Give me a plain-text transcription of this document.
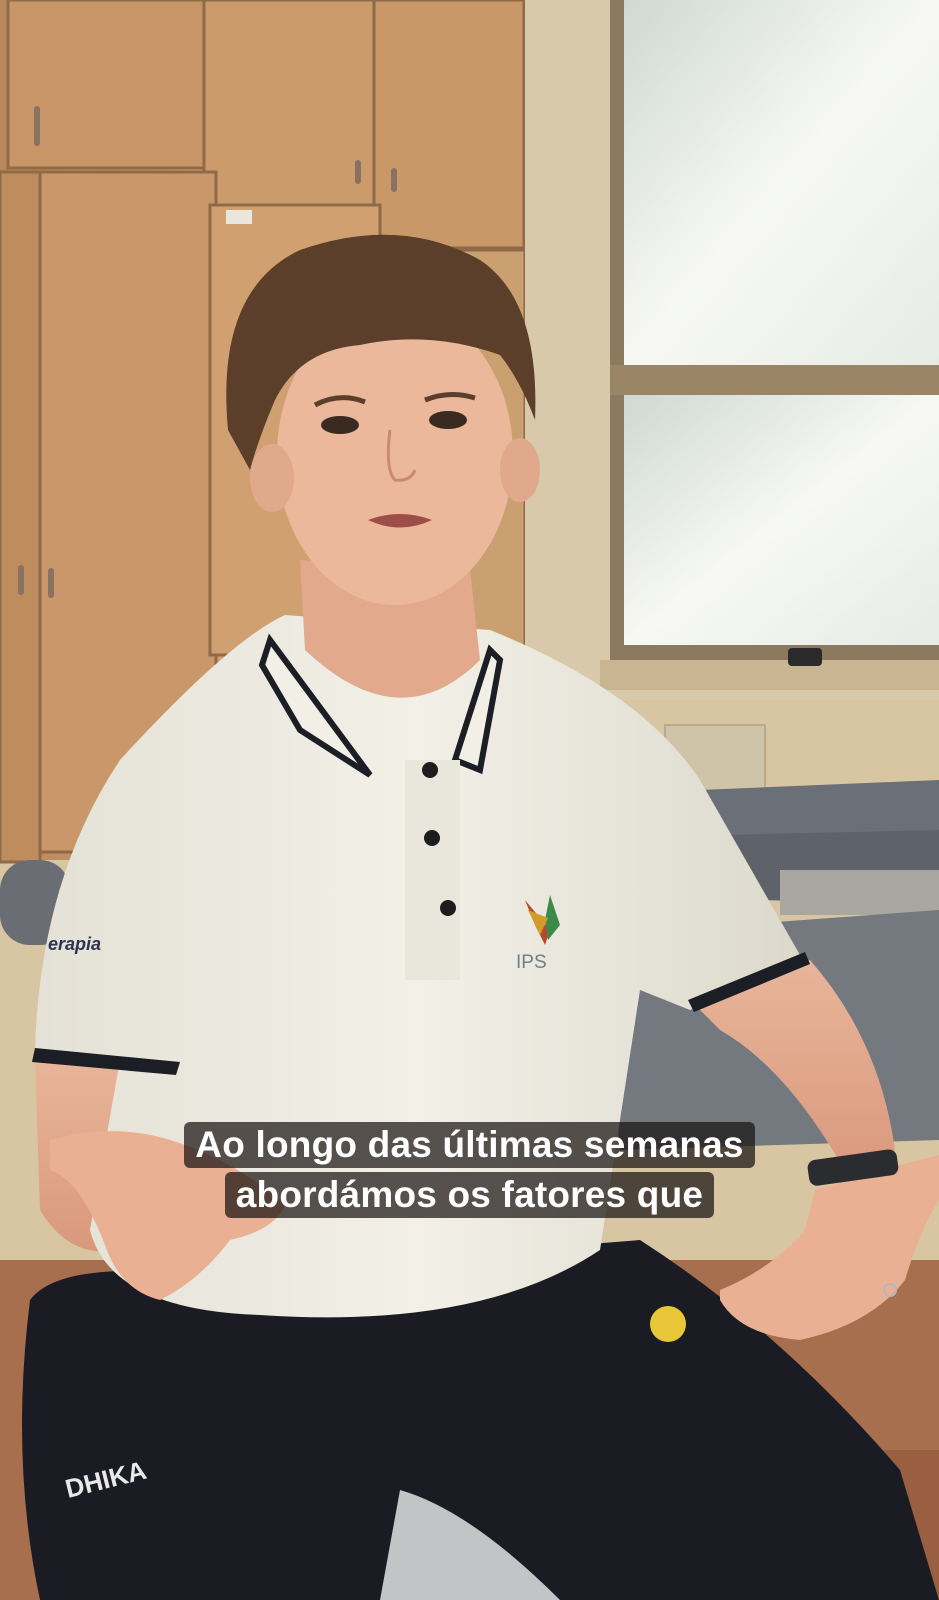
DHIKA
IPS
erapia
Ao longo das últimas semanas
abordámos os fatores que
